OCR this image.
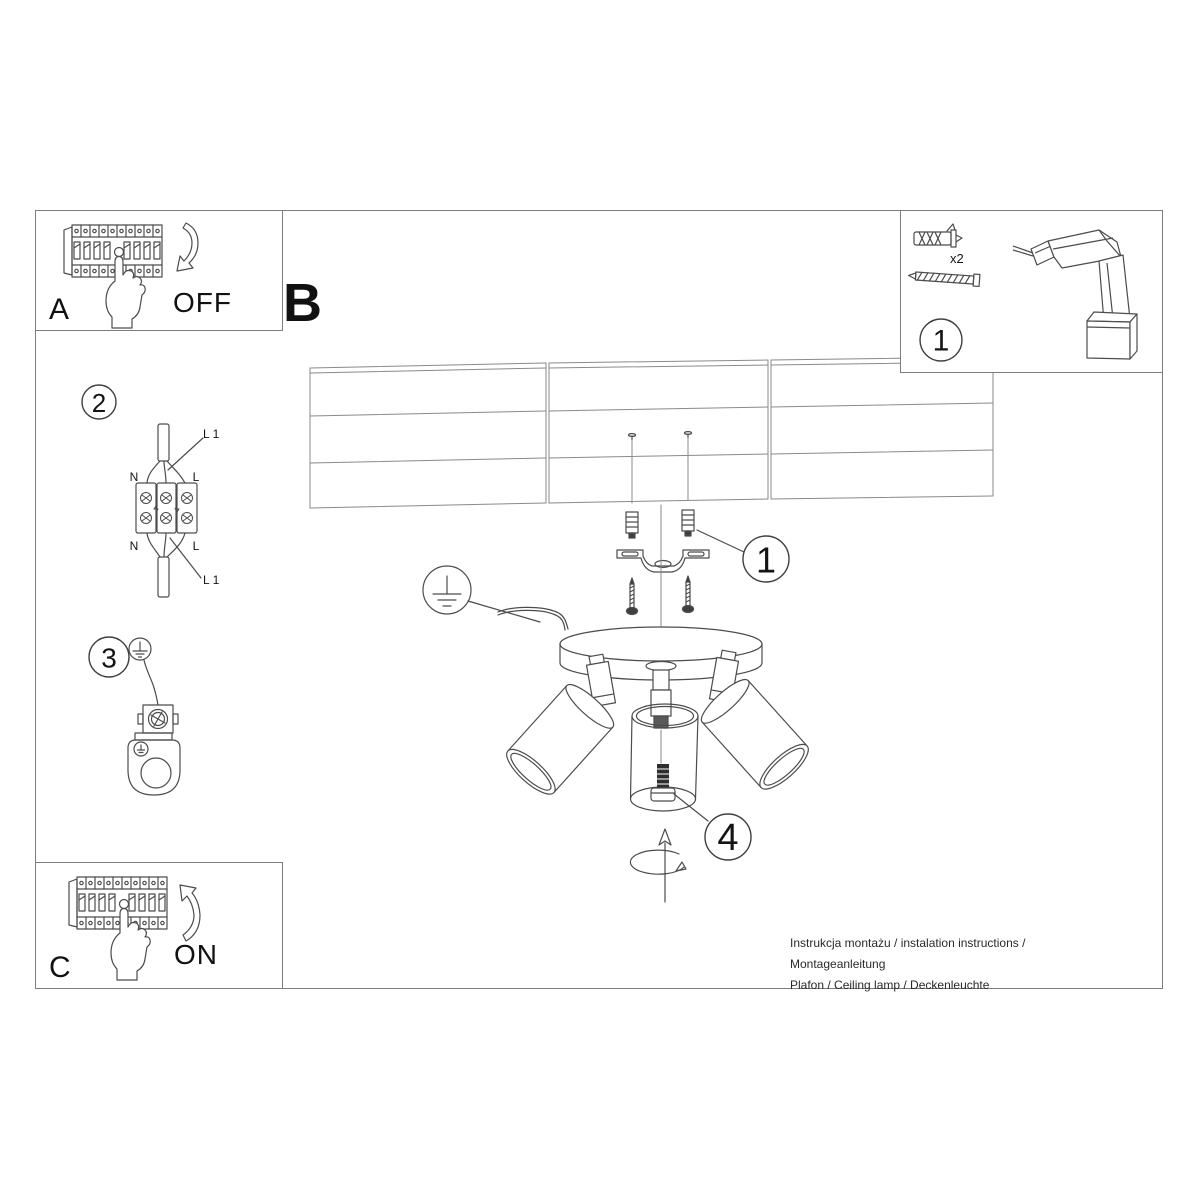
A	OFF B
x2
1
2
L 1
N	L
N	L
L 1
3
C	ON
1
4
Instrukcja montażu / instalation instructions / Montageanleitung
Plafon / Ceiling lamp / Deckenleuchte
